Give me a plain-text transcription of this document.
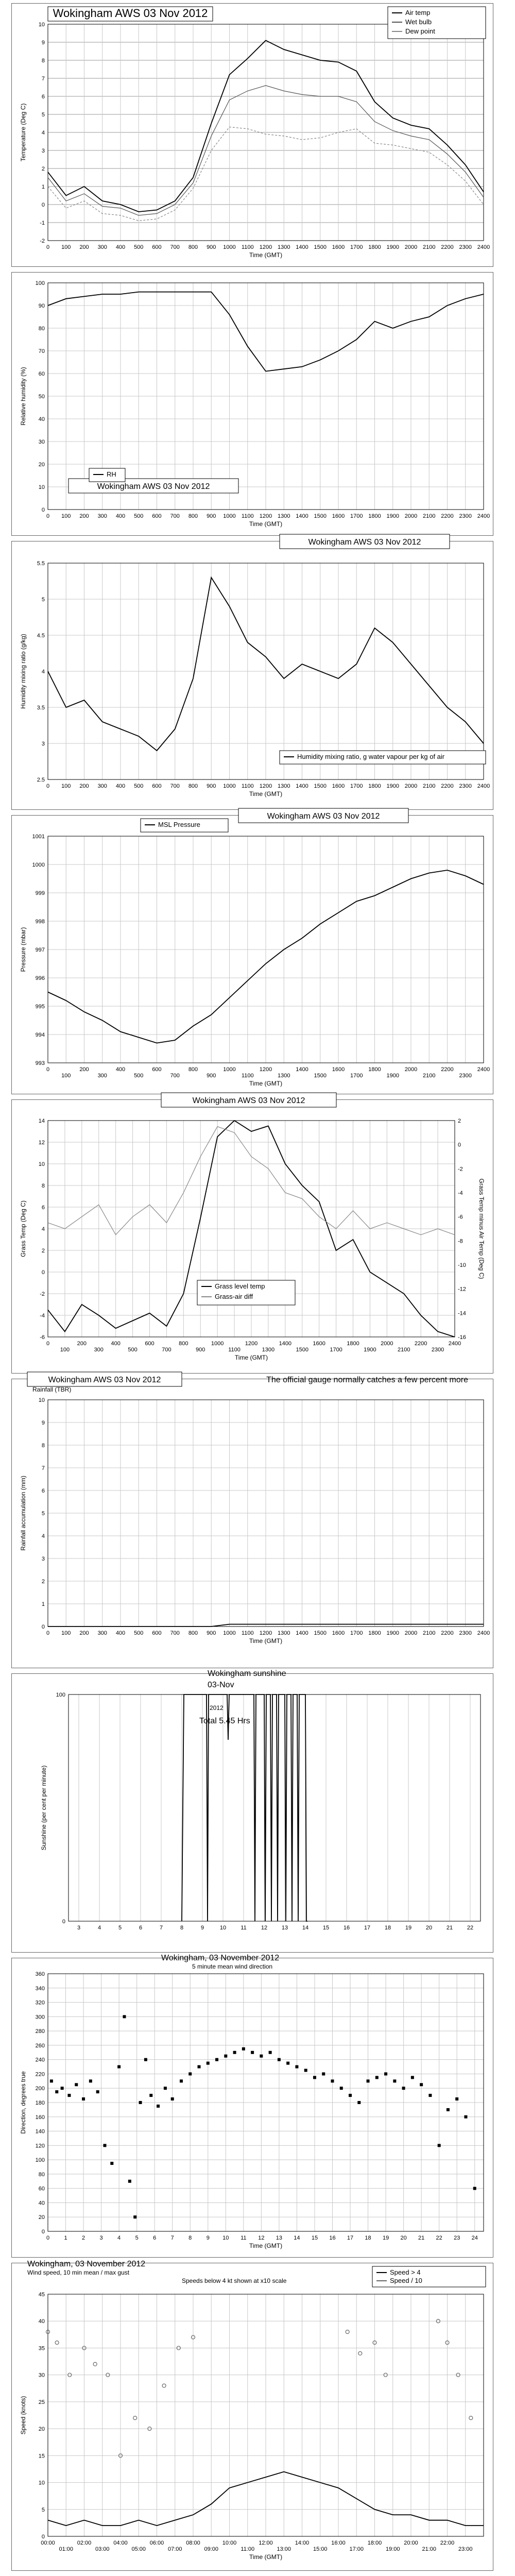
-2
-1
0
1
2
3
4
5
6
7
8
9
10
0 100 200 300 400 500 600 700 800 900 1000 1100 1200 1300 1400 1500 1600 1700 1800 1900 2000 2100 2200 2300 2400
Time (GMT)
Temperature (Deg C)
Wokingham AWS 03 Nov 2012	Air temp
Wet bulb
Dew point
0
10
20
30
40
50
60
70
80
90
100
0 100 200 300 400 500 600 700 800 900 1000 1100 1200 1300 1400 1500 1600 1700 1800 1900 2000 2100 2200 2300 2400
Time (GMT)
Relative humidity (%)
Wokingham AWS 03 Nov 2012
RH
2.5
3
3.5
4
4.5
5
5.5
0 100 200 300 400 500 600 700 800 900 1000 1100 1200 1300 1400 1500 1600 1700 1800 1900 2000 2100 2200 2300 2400
Time (GMT)
Humidity mixing ratio (g/kg)
Wokingham AWS 03 Nov 2012
Humidity mixing ratio, g water vapour per kg of air
993
994
995
996
997
998
999
1000
1001
0
100
200
300
400
500
600
700
800
900
1000
1100
1200
1300
1400
1500
1600
1700
1800
1900
2000
2100
2200
2300
2400
Time (GMT)
Pressure (mbar)
Wokingham AWS 03 Nov 2012
MSL Pressure
-6
-4
-2
0
2
4
6
8
10
12
14
0
100
200
300
400
500
600
700
800
900
1000
1100
1200
1300
1400
1500
1600
1700
1800
1900
2000
2100
2200
2300
2400
-16
-14
-12
-10
-8
-6
-4
-2
0
2
Grass Temp minus Air Temp (Deg C)
Time (GMT)
Grass Temp (Deg C)
Wokingham AWS 03 Nov 2012
Grass level temp
Grass-air diff
0
1
2
3
4
5
6
7
8
9
10
0 100 200 300 400 500 600 700 800 900 1000 1100 1200 1300 1400 1500 1600 1700 1800 1900 2000 2100 2200 2300 2400
Time (GMT)
Rainfall accumulation (mm)
Wokingham AWS 03 Nov 2012
Rainfall (TBR)
The official gauge normally catches a few percent more
0
100
3	4	5	6	7	8	9	10	11	12	13	14	15	16	17	18	19	20	21	22
Sunshine (per cent per minute)
Wokingham sunshine
03-Nov
2012
Total 5.45 Hrs
0
20
40
60
80
100
120
140
160
180
200
220
240
260
280
300
320
340
360
0	1	2	3	4	5	6	7	8	9 10 11 12 13 14 15 16 17 18 19 20 21 22 23 24
Time (GMT)
Direction, degrees true
Wokingham, 03 November 2012
5 minute mean wind direction
0
5
10
15
20
25
30
35
40
45
00:00
01:00
02:00
03:00
04:00
05:00
06:00
07:00
08:00
09:00
10:00
11:00
12:00
13:00
14:00
15:00
16:00
17:00
18:00
19:00
20:00
21:00
22:00
23:00
Time (GMT)
Speed (knots)
Wokingham, 03 November 2012
Wind speed, 10 min mean / max gust
Speeds below 4 kt shown at x10 scale
Speed > 4
Speed / 10
